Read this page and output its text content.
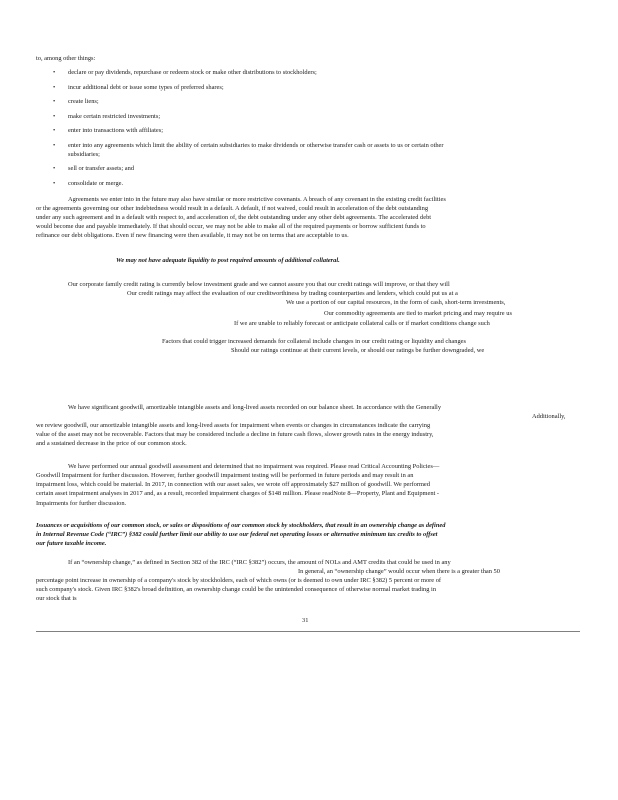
to, among other things:
• declare or pay dividends, repurchase or redeem stock or make other distributions to stockholders;
• incur additional debt or issue some types of preferred shares;
• create liens;
• make certain restricted investments;
• enter into transactions with affiliates;
• enter into any agreements which limit the ability of certain subsidiaries to make dividends or otherwise transfer cash or assets to us or certain other
subsidiaries;
• sell or transfer assets; and
• consolidate or merge.
Agreements we enter into in the future may also have similar or more restrictive covenants. A breach of any covenant in the existing credit facilities
or the agreements governing our other indebtedness would result in a default. A default, if not waived, could result in acceleration of the debt outstanding
under any such agreement and in a default with respect to, and acceleration of, the debt outstanding under any other debt agreements. The accelerated debt
would become due and payable immediately. If that should occur, we may not be able to make all of the required payments or borrow sufficient funds to
refinance our debt obligations. Even if new financing were then available, it may not be on terms that are acceptable to us.
We may not have adequate liquidity to post required amounts of additional collateral.
Our corporate family credit rating is currently below investment grade and we cannot assure you that our credit ratings will improve, or that they will
Our credit ratings may affect the evaluation of our creditworthiness by trading counterparties and lenders, which could put us at a
We use a portion of our capital resources, in the form of cash, short-term investments,
Our commodity agreements are tied to market pricing and may require us
If we are unable to reliably forecast or anticipate collateral calls or if market conditions change such
Factors that could trigger increased demands for collateral include changes in our credit rating or liquidity and changes
Should our ratings continue at their current levels, or should our ratings be further downgraded, we
We have significant goodwill, amortizable intangible assets and long-lived assets recorded on our balance sheet. In accordance with the Generally
Additionally,
we review goodwill, our amortizable intangible assets and long-lived assets for impairment when events or changes in circumstances indicate the carrying
value of the asset may not be recoverable. Factors that may be considered include a decline in future cash flows, slower growth rates in the energy industry,
and a sustained decrease in the price of our common stock.
We have performed our annual goodwill assessment and determined that no impairment was required. Please read Critical Accounting Policies—
Goodwill Impairment for further discussion. However, further goodwill impairment testing will be performed in future periods and may result in an
impairment loss, which could be material. In 2017, in connection with our asset sales, we wrote off approximately $27 million of goodwill. We performed
certain asset impairment analyses in 2017 and, as a result, recorded impairment charges of $148 million. Please readNote 8—Property, Plant and Equipment -
Impairments for further discussion.
Issuances or acquisitions of our common stock, or sales or dispositions of our common stock by stockholders, that result in an ownership change as defined
in Internal Revenue Code (“IRC”) §382 could further limit our ability to use our federal net operating losses or alternative minimum tax credits to offset
our future taxable income.
If an “ownership change,” as defined in Section 382 of the IRC (“IRC §382”) occurs, the amount of NOLs and AMT credits that could be used in any
In general, an “ownership change” would occur when there is a greater than 50
percentage point increase in ownership of a company's stock by stockholders, each of which owns (or is deemed to own under IRC §382) 5 percent or more of
such company's stock. Given IRC §382's broad definition, an ownership change could be the unintended consequence of otherwise normal market trading in
our stock that is
31
